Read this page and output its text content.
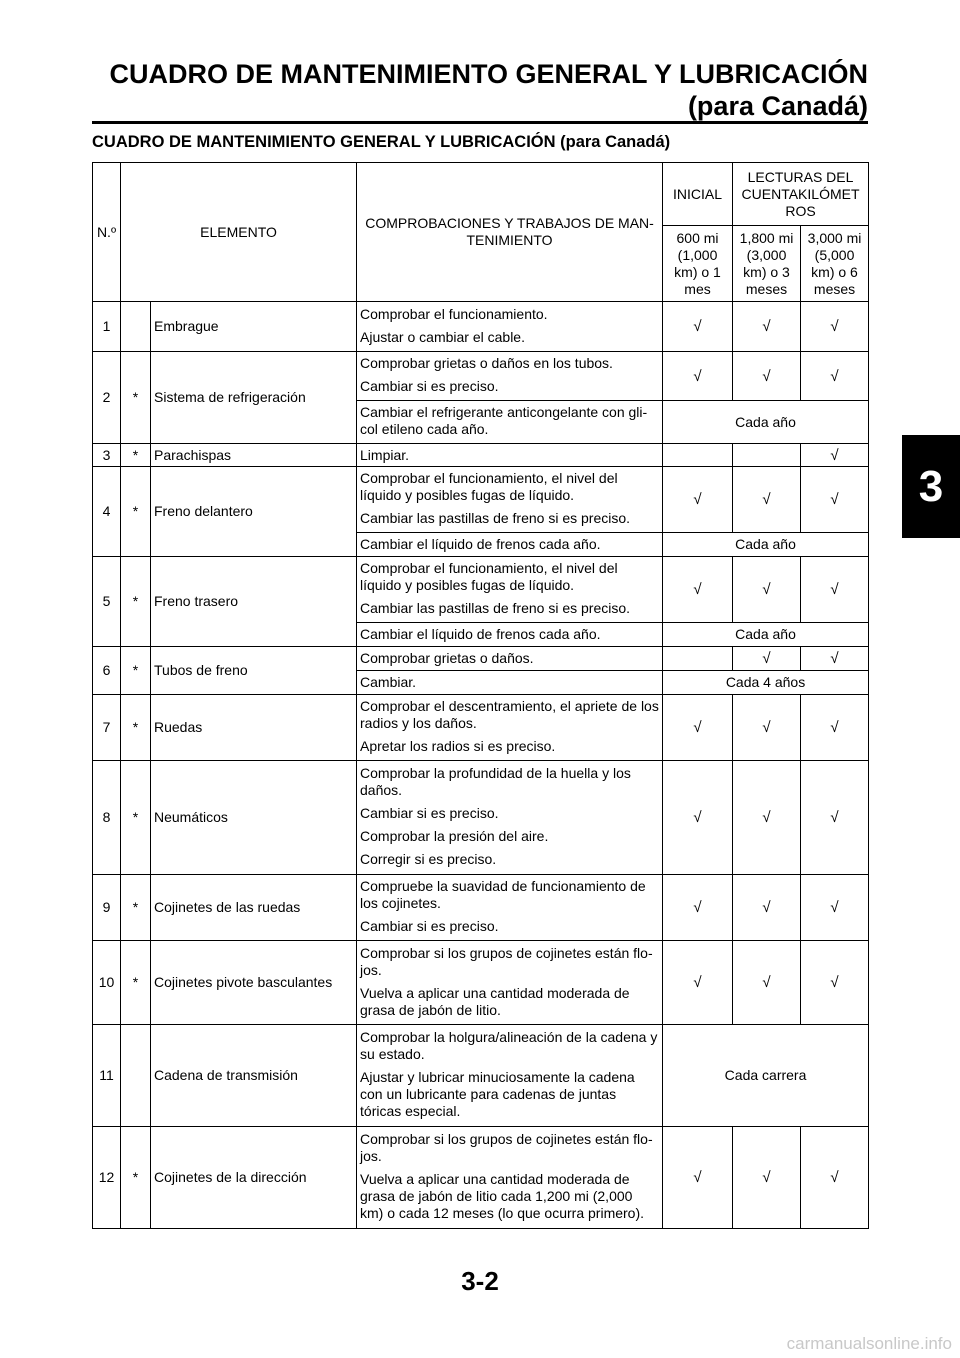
CUADRO DE MANTENIMIENTO GENERAL Y LUBRICACIÓN
(para Canadá)
CUADRO DE MANTENIMIENTO GENERAL Y LUBRICACIÓN (para Canadá)
3
N.º	ELEMENTO		COMPROBACIONES Y TRABAJOS DE MAN-TENIMIENTO	INICIAL	LECTURAS DEL CUENTAKILÓMET ROS	
				600 mi (1,000 km) o 1 mes	1,800 mi (3,000 km) o 3 meses	3,000 mi (5,000 km) o 6 meses
1		Embrague	Comprobar el funcionamiento.

Ajustar o cambiar el cable.	√	√	√
2	*	Sistema de refrigeración	Comprobar grietas o daños en los tubos.

Cambiar si es preciso.	√	√	√

			Cambiar el refrigerante anticongelante con gli-col etileno cada año.	Cada año		
3	*	Parachispas	Limpiar.			√
4	*	Freno delantero	Comprobar el funcionamiento, el nivel del líquido y posibles fugas de líquido.

Cambiar las pastillas de freno si es preciso.	√	√	√
			Cambiar el líquido de frenos cada año.	Cada año		
5	*	Freno trasero	Comprobar el funcionamiento, el nivel del líquido y posibles fugas de líquido.

Cambiar las pastillas de freno si es preciso.	√	√	√
			Cambiar el líquido de frenos cada año.	Cada año		
6	*	Tubos de freno	Comprobar grietas o daños.		√	√
			Cambiar.	Cada 4 años		
7	*	Ruedas	Comprobar el descentramiento, el apriete de los radios y los daños.

Apretar los radios si es preciso.	√	√	√
8	*	Neumáticos	Comprobar la profundidad de la huella y los daños.

Cambiar si es preciso.

Comprobar la presión del aire.

Corregir si es preciso.	√	√	√
9	*	Cojinetes de las ruedas	Compruebe la suavidad de funcionamiento de los cojinetes.

Cambiar si es preciso.	√	√	√
10	*	Cojinetes pivote basculantes	Comprobar si los grupos de cojinetes están flo-jos.

Vuelva a aplicar una cantidad moderada de grasa de jabón de litio.	√	√	√
11		Cadena de transmisión	Comprobar la holgura/alineación de la cadena y su estado.

Ajustar y lubricar minuciosamente la cadena con un lubricante para cadenas de juntas tóricas especial.	Cada carrera		
12	*	Cojinetes de la dirección	Comprobar si los grupos de cojinetes están flo-jos.

Vuelva a aplicar una cantidad moderada de grasa de jabón de litio cada 1,200 mi (2,000 km) o cada 12 meses (lo que ocurra primero).	√	√	√
3-2
carmanualsonline.info
